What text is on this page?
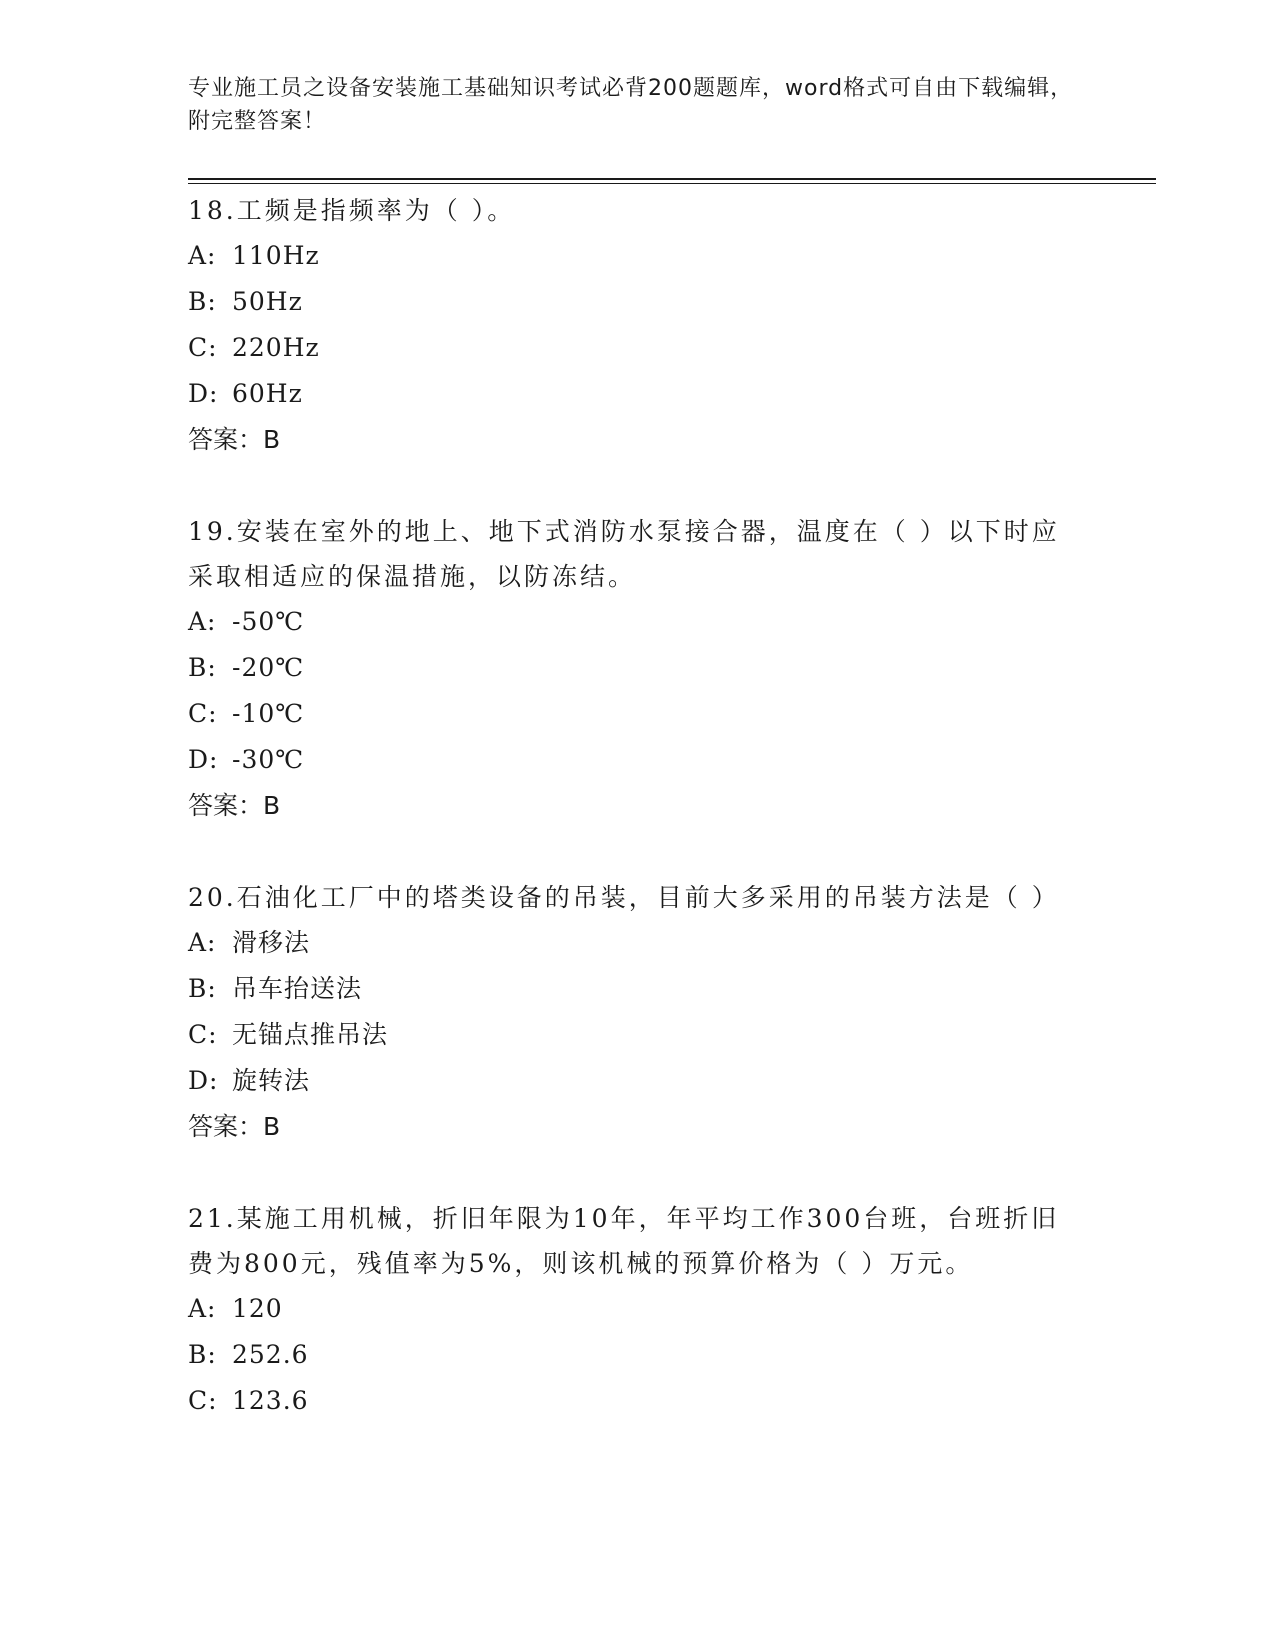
专业施工员之设备安装施工基础知识考试必背200题题库，word格式可自由下载编辑，附完整答案！
18.工频是指频率为（ ）。
A: 110Hz
B: 50Hz
C: 220Hz
D: 60Hz
答案：B
19.安装在室外的地上、地下式消防水泵接合器，温度在（ ）以下时应采取相适应的保温措施，以防冻结。
A: -50℃
B: -20℃
C: -10℃
D: -30℃
答案：B
20.石油化工厂中的塔类设备的吊装，目前大多采用的吊装方法是（ ）
A: 滑移法
B: 吊车抬送法
C: 无锚点推吊法
D: 旋转法
答案：B
21.某施工用机械，折旧年限为10年，年平均工作300台班，台班折旧费为800元，残值率为5%，则该机械的预算价格为（ ）万元。
A: 120
B: 252.6
C: 123.6
